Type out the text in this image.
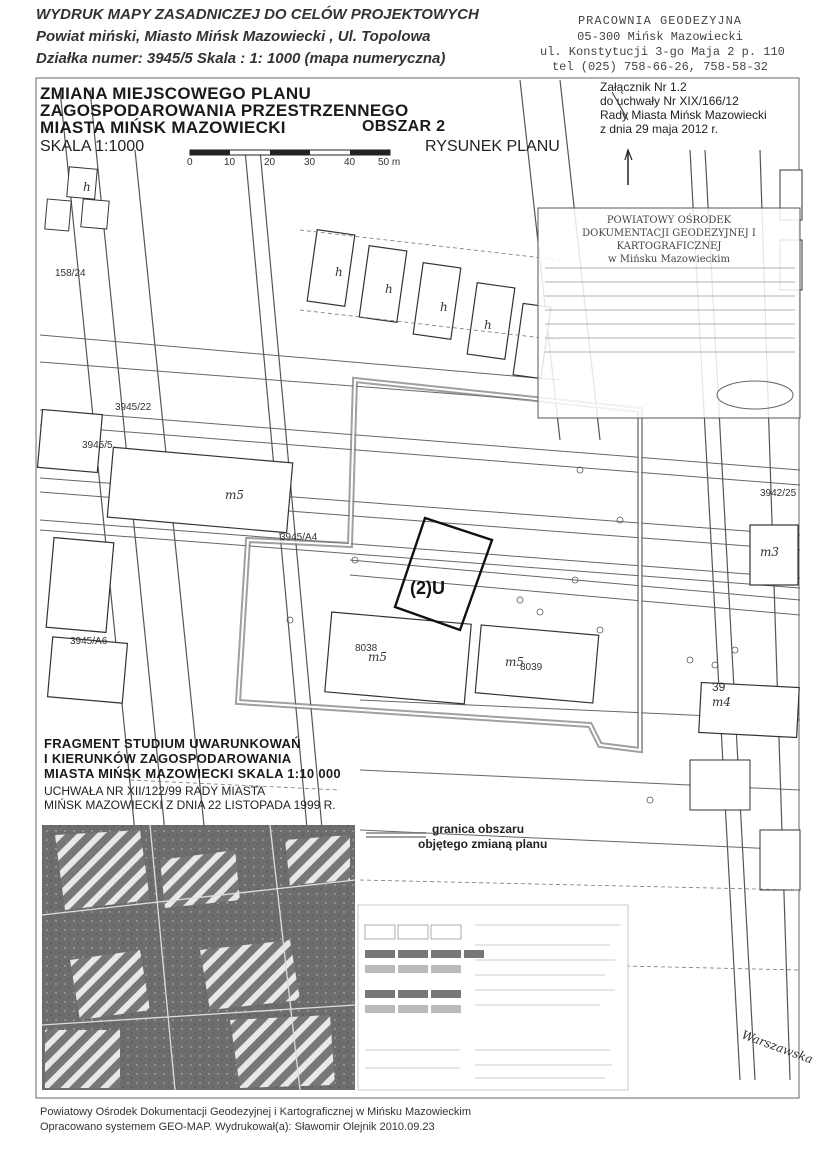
WYDRUK MAPY ZASADNICZEJ DO CELÓW PROJEKTOWYCH
Powiat miński, Miasto Mińsk Mazowiecki , Ul. Topolowa
Działka numer: 3945/5 Skala : 1: 1000 (mapa numeryczna)
PRACOWNIA GEODEZYJNA
05-300 Mińsk Mazowiecki
ul. Konstytucji 3-go Maja 2 p. 110
tel (025) 758-66-26, 758-58-32
ZMIANA MIEJSCOWEGO PLANU
ZAGOSPODAROWANIA PRZESTRZENNEGO
MIASTA MIŃSK MAZOWIECKI	OBSZAR 2
SKALA 1:1000	RYSUNEK PLANU
0	10	20	30	40 50 m
Załącznik Nr 1.2
do uchwały Nr XIX/166/12
Rady Miasta Mińsk Mazowiecki
z dnia 29 maja 2012 r.
POWIATOWY OŚRODEK
DOKUMENTACJI GEODEZYJNEJ I KARTOGRAFICZNEJ
w Mińsku Mazowieckim
(2)U
m5
m5	m5
m3
m4
h
h
h
h
h
3945/22
3945/5
3945/A4
3945/A6
8038
8039
3942/25
158/24
39
Warszawska
FRAGMENT STUDIUM UWARUNKOWAŃ
I KIERUNKÓW ZAGOSPODAROWANIA
MIASTA MIŃSK MAZOWIECKI SKALA 1:10 000
UCHWAŁA NR XII/122/99 RADY MIASTA
MIŃSK MAZOWIECKI Z DNIA 22 LISTOPADA 1999 R.
granica obszaru
objętego zmianą planu
Powiatowy Ośrodek Dokumentacji Geodezyjnej i Kartograficznej w Mińsku Mazowieckim
Opracowano systemem GEO-MAP. Wydrukował(a): Sławomir Olejnik 2010.09.23
